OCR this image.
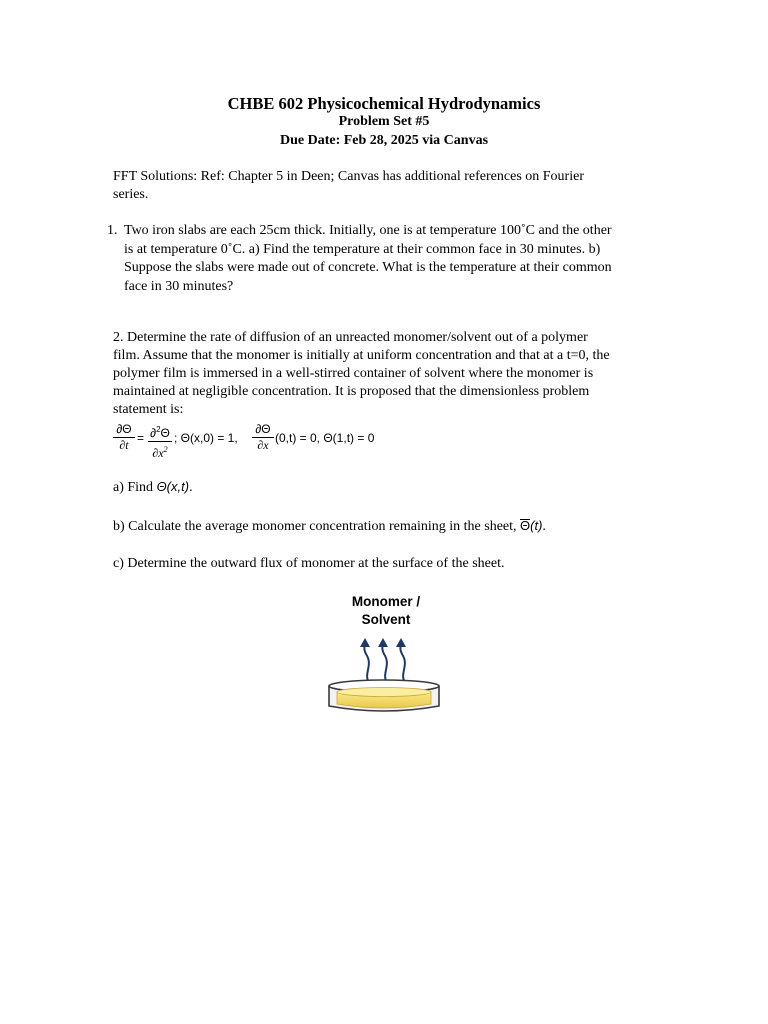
CHBE 602 Physicochemical Hydrodynamics
Problem Set #5
Due Date: Feb 28, 2025 via Canvas
FFT Solutions: Ref: Chapter 5 in Deen; Canvas has additional references on Fourier
series.
1. Two iron slabs are each 25cm thick. Initially, one is at temperature 100˚C and the other
is at temperature 0˚C. a) Find the temperature at their common face in 30 minutes. b)
Suppose the slabs were made out of concrete. What is the temperature at their common
face in 30 minutes?
2. Determine the rate of diffusion of an unreacted monomer/solvent out of a polymer
film. Assume that the monomer is initially at uniform concentration and that at a t=0, the
polymer film is immersed in a well-stirred container of solvent where the monomer is
maintained at negligible concentration. It is proposed that the dimensionless problem
statement is:
∂Θ
∂t = ∂$^2$Θ
$\partial x^2$
; Θ(x,0) = 1,
∂Θ
∂x (0,t) = 0, Θ(1,t) = 0
a) Find Θ(x,t).
b) Calculate the average monomer concentration remaining in the sheet, Θ(t).
c) Determine the outward flux of monomer at the surface of the sheet.
Monomer /
Solvent
